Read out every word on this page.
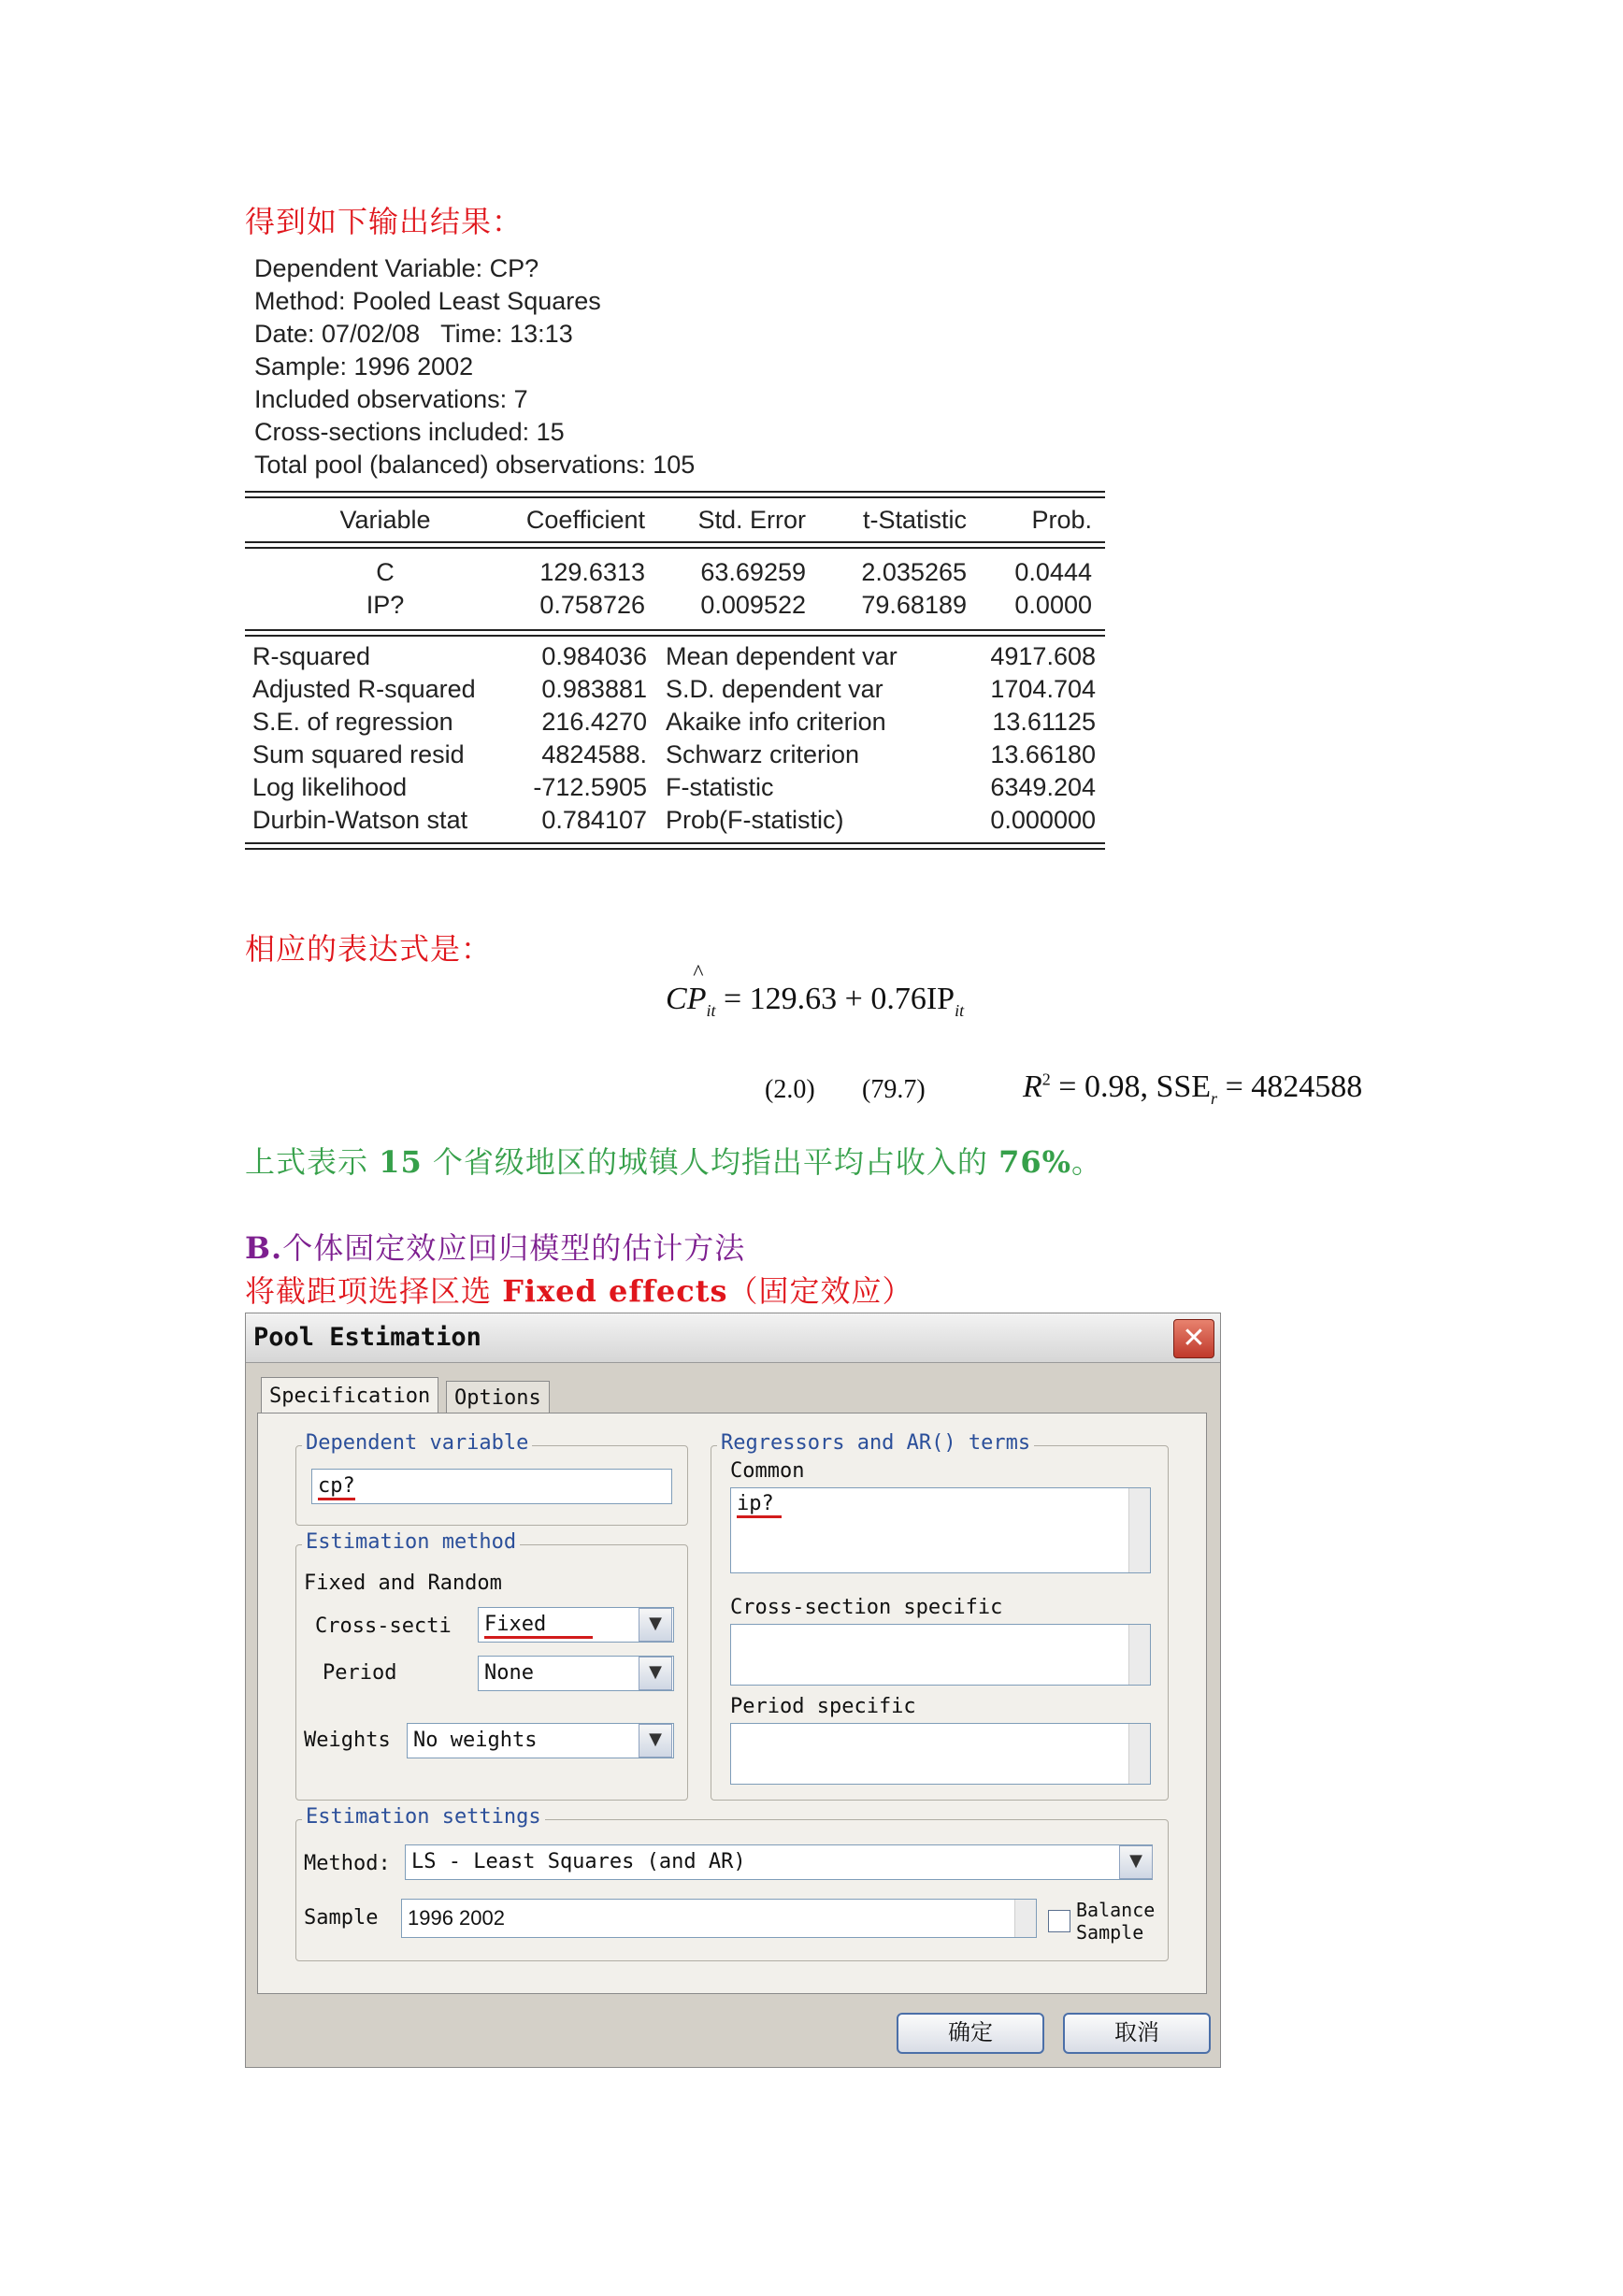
得到如下输出结果：
Dependent Variable: CP?
Method: Pooled Least Squares
Date: 07/02/08   Time: 13:13
Sample: 1996 2002
Included observations: 7
Cross-sections included: 15
Total pool (balanced) observations: 105
Variable	Coefficient	Std. Error	t-Statistic	Prob.
C	129.6313	63.69259	2.035265	0.0444
IP?	0.758726	0.009522	79.68189	0.0000
R-squared	0.984036 Mean dependent var	4917.608
Adjusted R-squared	0.983881 S.D. dependent var	1704.704
S.E. of regression	216.4270 Akaike info criterion	13.61125
Sum squared resid	4824588. Schwarz criterion	13.66180
Log likelihood	-712.5905 F-statistic	6349.204
Durbin-Watson stat	0.784107 Prob(F-statistic)	0.000000
相应的表达式是：
CP
^
$_{it} = 129.63 + 0.76IP_{it}$
(2.0) (79.7)	$R^2 = 0.98$, $SSE_r = 4824588$
上式表示 15 个省级地区的城镇人均指出平均占收入的 76%。
B.个体固定效应回归模型的估计方法
将截距项选择区选 Fixed effects（固定效应）
Pool Estimation	✕
Specification	Options
Dependent variable
cp?
Estimation method
Fixed and Random
Cross-secti	Fixed	▼
Period	None	▼
Weights	No weights	▼
Regressors and AR() terms
Common
ip?
Cross-section specific
Period specific
Estimation settings
Method:	LS - Least Squares (and AR)	▼
Sample	1996 2002	Balance
Sample
确定	取消
